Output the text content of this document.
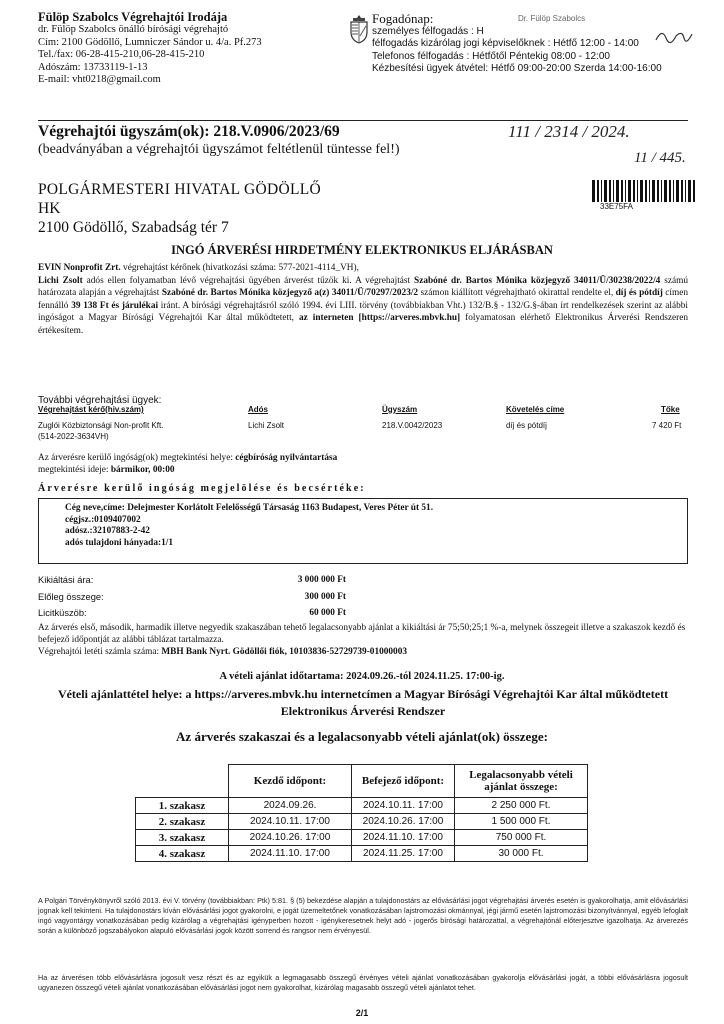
Fülöp Szabolcs Végrehajtói Irodája
dr. Fülöp Szabolcs önálló bírósági végrehajtó
Cím: 2100 Gödöllő, Lumniczer Sándor u. 4/a. Pf.273
Tel./fax: 06-28-415-210,06-28-415-210
Adószám: 13733119-1-13
E-mail: vht0218@gmail.com
Fogadónap:
személyes félfogadás : H
félfogadás kizárólag jogi képviselőknek : Hétfő 12:00 - 14:00
Telefonos félfogadás : Hétfőtől Péntekig 08:00 - 12:00
Kézbesítési ügyek átvétel: Hétfő 09:00-20:00 Szerda 14:00-16:00
Dr. Fülöp Szabolcs
Végrehajtói ügyszám(ok): 218.V.0906/2023/69
(beadványában a végrehajtói ügyszámot feltétlenül tüntesse fel!)
111 / 2314 / 2024.
11 / 445.
POLGÁRMESTERI HIVATAL GÖDÖLLŐ
HK
2100 Gödöllő, Szabadság tér 7
33E75FA
INGÓ ÁRVERÉSI HIRDETMÉNY ELEKTRONIKUS ELJÁRÁSBAN
EVIN Nonprofit Zrt. végrehajtást kérőnek (hivatkozási száma: 577-2021-4114_VH),
Lichi Zsolt adós ellen folyamatban lévő végrehajtási ügyében árverést tűzök ki. A végrehajtást Szabóné dr. Bartos Mónika közjegyző 34011/Ü/30238/2022/4 számú határozata alapján a végrehajtást Szabóné dr. Bartos Mónika közjegyző a(z) 34011/Ü/70297/2023/2 számon kiállított végrehajtható okirattal rendelte el, díj és pótdíj címen fennálló 39 138 Ft és járulékai iránt. A bírósági végrehajtásról szóló 1994. évi LIII. törvény (továbbiakban Vht.) 132/B.§ - 132/G.§-ában írt rendelkezések szerint az alábbi ingóságot a Magyar Bírósági Végrehajtói Kar által működtetett, az interneten [https://arveres.mbvk.hu] folyamatosan elérhető Elektronikus Árverési Rendszeren értékesítem.
További végrehajtási ügyek:
Végrehajtást kérő(hiv.szám)	Adós	Ügyszám	Követelés címe	Tőke
Zuglói Közbiztonsági Non-profit Kft.
(514-2022-3634VH)
Lichi Zsolt	218.V.0042/2023	díj és pótdíj	7 420 Ft
Az árverésre kerülő ingóság(ok) megtekintési helye: cégbíróság nyilvántartása
megtekintési ideje: bármikor, 00:00
Árverésre kerülő ingóság megjelölése és becsértéke:
Cég neve,címe: Delejmester Korlátolt Felelősségű Társaság 1163 Budapest, Veres Péter út 51.
cégjsz.:0109407002
adósz.:32107883-2-42
adós tulajdoni hányada:1/1
Kikiáltási ára:	3 000 000 Ft
Előleg összege:	300 000 Ft
Licitküszöb:	60 000 Ft
Az árverés első, második, harmadik illetve negyedik szakaszában tehető legalacsonyabb ajánlat a kikiáltási ár 75;50;25;1 %-a, melynek összegeit illetve a szakaszok kezdő és befejező időpontját az alábbi táblázat tartalmazza.
Végrehajtói letéti számla száma: MBH Bank Nyrt. Gödöllői fiók, 10103836-52729739-01000003
A vételi ajánlat időtartama: 2024.09.26.-tól 2024.11.25. 17:00-ig.
Vételi ajánlattétel helye: a https://arveres.mbvk.hu internetcímen a Magyar Bírósági Végrehajtói Kar által működtetett Elektronikus Árverési Rendszer
Az árverés szakaszai és a legalacsonyabb vételi ajánlat(ok) összege:
	Kezdő időpont:	Befejező időpont:	Legalacsonyabb vételi ajánlat összege:
1. szakasz	2024.09.26.	2024.10.11. 17:00	2 250 000 Ft.
2. szakasz	2024.10.11. 17:00	2024.10.26. 17:00	1 500 000 Ft.
3. szakasz	2024.10.26. 17:00	2024.11.10. 17:00	750 000 Ft.
4. szakasz	2024.11.10. 17:00	2024.11.25. 17:00	30 000 Ft.
A Polgári Törvénykönyvről szóló 2013. évi V. törvény (továbbiakban: Ptk) 5:81. § (5) bekezdése alapján a tulajdonostárs az elővásárlási jogot végrehajtási árverés esetén is gyakorolhatja, amit elővásárlási jognak kell tekinteni. Ha tulajdonostárs kíván elővásárlási jogot gyakorolni, e jogát üzemeltetőnek vonatkozásában lajstromozási okmánnyal, jégi jármű esetén lajstromozási bizonyítvánnyal, egyéb lefoglalt ingó vagyontárgy vonatkozásában pedig kizárólag a végrehajtási igényperben hozott - igénykeresetnek helyt adó - jogerős bírósági határozattal, a végrehajtónál előterjesztve igazolhatja. Az árverezés során a különböző jogszabályokon alapuló elővásárlási jogok között sorrend és rangsor nem érvényesül.
Ha az árverésen több elővásárlásra jogosult vesz részt és az egyikük a legmagasabb összegű érvényes vételi ajánlat vonatkozásában gyakorolja elővásárlási jogát, a többi elővásárlásra jogosult ugyanezen összegű vételi ajánlat vonatkozásában elővásárlási jogot nem gyakorolhat, kizárólag magasabb összegű vételi ajánlatot tehet.
2/1
